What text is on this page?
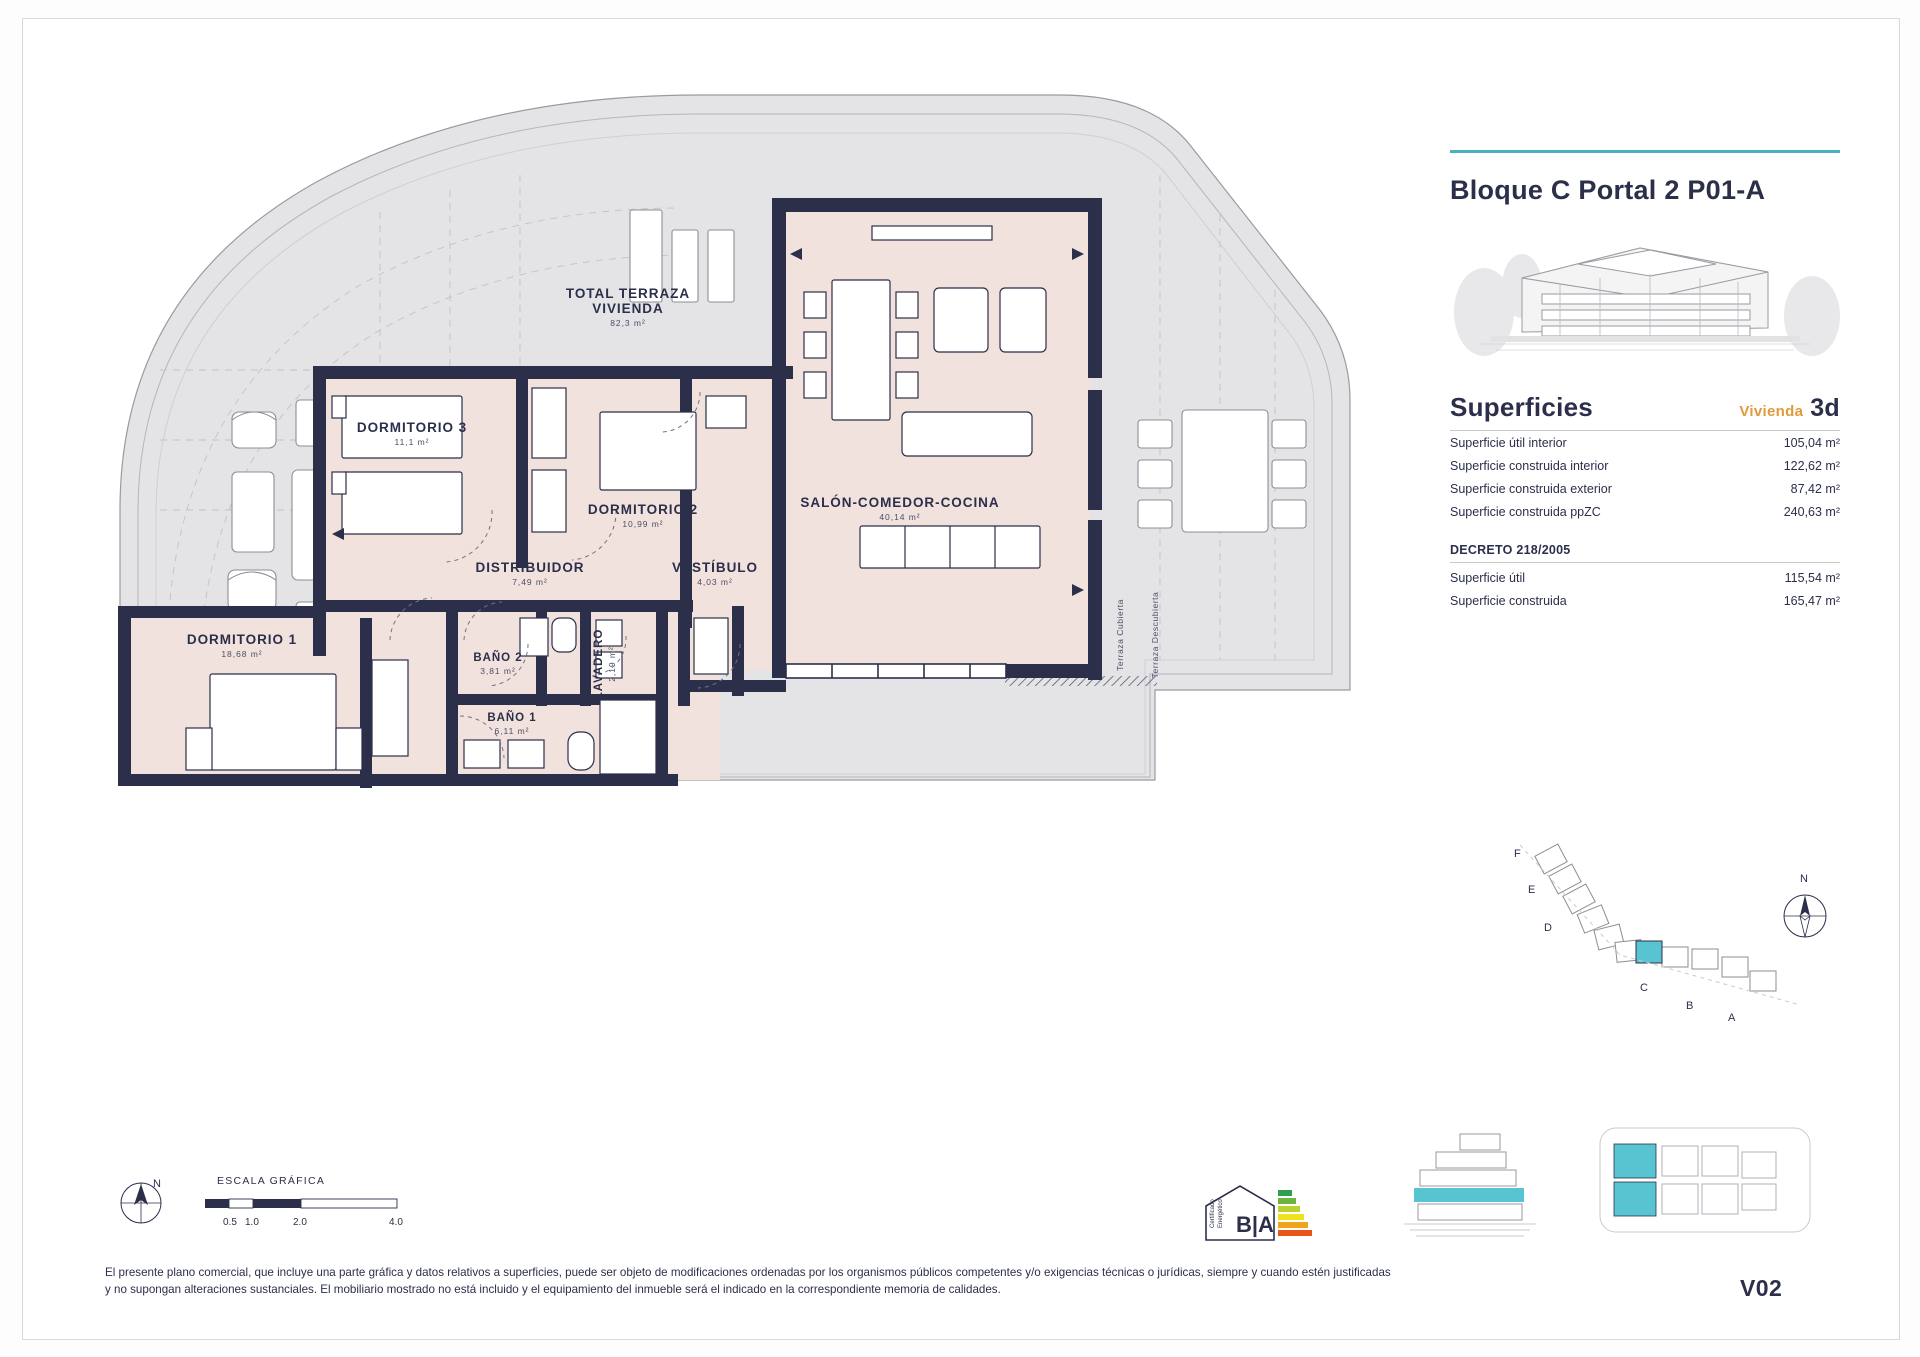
TOTAL TERRAZA
VIVIENDA
82,3 m²
DORMITORIO 3
11,1 m²
DORMITORIO 2
10,99 m²
SALÓN-COMEDOR-COCINA
40,14 m²
DISTRIBUIDOR
7,49 m²
VESTÍBULO
4,03 m²
DORMITORIO 1
18,68 m²	BAÑO 2
3,81 m²
BAÑO 1
6,11 m²
LAVADERO 2,19 m²	Terraza Cubierta	Terraza Descubierta
Bloque C Portal 2 P01-A
Superficies	Vivienda 3d
Superficie útil interior	105,04 m²
Superficie construida interior	122,62 m²
Superficie construida exterior	87,42 m²
Superficie construida ppZC	240,63 m²
DECRETO 218/2005
Superficie útil	115,54 m²
Superficie construida	165,47 m²
F
E
D
C
B
A
N
ESCALA GRÁFICA
N
0.5 1.0	2.0	4.0	B|A
Certificado Energético
El presente plano comercial, que incluye una parte gráfica y datos relativos a superficies, puede ser objeto de modificaciones ordenadas por los organismos públicos competentes y/o exigencias técnicas o jurídicas, siempre y cuando estén justificadas y no supongan alteraciones sustanciales. El mobiliario mostrado no está incluido y el equipamiento del inmueble será el indicado en la correspondiente memoria de calidades.	V02
